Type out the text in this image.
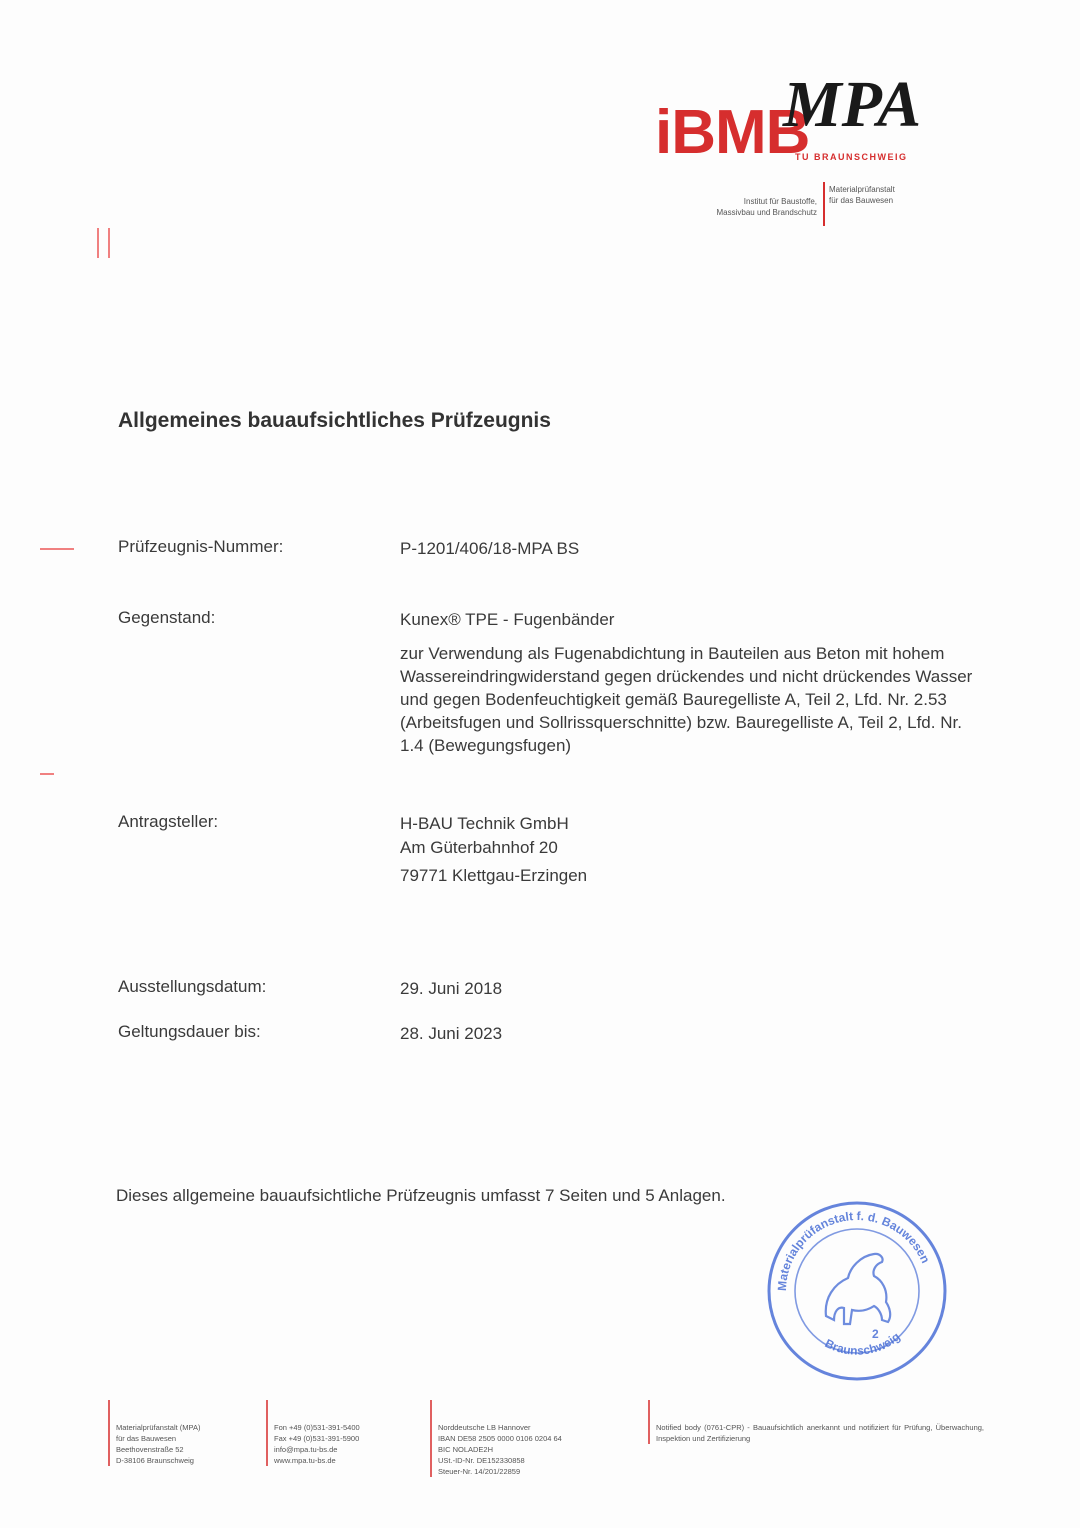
iBMB
MPA
TU BRAUNSCHWEIG
Institut für Baustoffe,
Massivbau und Brandschutz
Materialprüfanstalt
für das Bauwesen
Allgemeines bauaufsichtliches Prüfzeugnis
Prüfzeugnis-Nummer:	P-1201/406/18-MPA BS
Gegenstand:	Kunex® TPE - Fugenbänder
zur Verwendung als Fugenabdichtung in Bauteilen aus Beton mit hohem Wassereindringwiderstand gegen drückendes und nicht drückendes Wasser und gegen Bodenfeuchtigkeit gemäß Bauregelliste A, Teil 2, Lfd. Nr. 2.53 (Arbeitsfugen und Sollrissquerschnitte) bzw. Bauregelliste A, Teil 2, Lfd. Nr. 1.4 (Bewegungsfugen)
Antragsteller:	H-BAU Technik GmbH
Am Güterbahnhof 20
79771 Klettgau-Erzingen
Ausstellungsdatum:	29. Juni 2018
Geltungsdauer bis:	28. Juni 2023
Dieses allgemeine bauaufsichtliche Prüfzeugnis umfasst 7 Seiten und 5 Anlagen.
Materialprüfanstalt f. d. Bauwesen
Braunschweig
2
Materialprüfanstalt (MPA)
für das Bauwesen
Beethovenstraße 52
D-38106 Braunschweig
Fon +49 (0)531-391-5400
Fax +49 (0)531-391-5900
info@mpa.tu-bs.de
www.mpa.tu-bs.de
Norddeutsche LB Hannover
IBAN DE58 2505 0000 0106 0204 64
BIC NOLADE2H
USt.-ID-Nr. DE152330858
Steuer-Nr. 14/201/22859
Notified body (0761-CPR) - Bauaufsichtlich anerkannt und notifiziert für Prüfung, Überwachung, Inspektion und Zertifizierung
